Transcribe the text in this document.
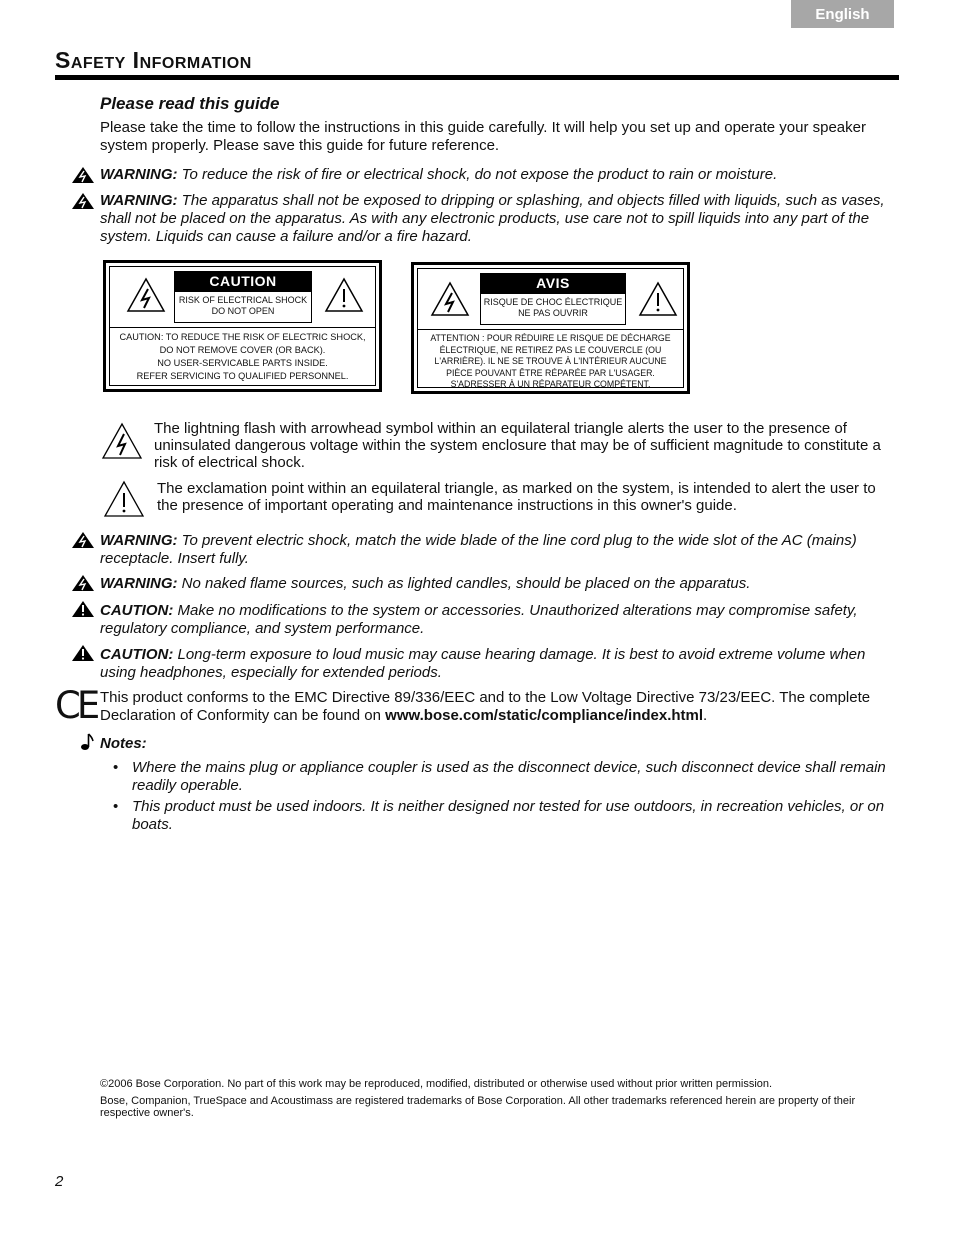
English
Safety Information
Please read this guide

Please take the time to follow the instructions in this guide carefully. It will help you set up and operate your speaker system properly. Please save this guide for future reference.

WARNING: To reduce the risk of fire or electrical shock, do not expose the product to rain or moisture.

WARNING: The apparatus shall not be exposed to dripping or splashing, and objects filled with liquids, such as vases, shall not be placed on the apparatus. As with any electronic products, use care not to spill liquids into any part of the system. Liquids can cause a failure and/or a fire hazard.

CAUTION
RISK OF ELECTRICAL SHOCK
DO NOT OPEN
CAUTION: TO REDUCE THE RISK OF ELECTRIC SHOCK,
DO NOT REMOVE COVER (OR BACK).
NO USER-SERVICABLE PARTS INSIDE.
REFER SERVICING TO QUALIFIED PERSONNEL.
AVIS
RISQUE DE CHOC ÉLECTRIQUE
NE PAS OUVRIR
ATTENTION : POUR RÉDUIRE LE RISQUE DE DÉCHARGE
ÉLECTRIQUE, NE RETIREZ PAS LE COUVERCLE (OU
L'ARRIÈRE). IL NE SE TROUVE À L'INTÉRIEUR AUCUNE
PIÈCE POUVANT ÊTRE RÉPARÉE PAR L'USAGER.
S'ADRESSER À UN RÉPARATEUR COMPÉTENT.

The lightning flash with arrowhead symbol within an equilateral triangle alerts the user to the presence of uninsulated dangerous voltage within the system enclosure that may be of sufficient magnitude to constitute a risk of electrical shock.

The exclamation point within an equilateral triangle, as marked on the system, is intended to alert the user to the presence of important operating and maintenance instructions in this owner's guide.

WARNING: To prevent electric shock, match the wide blade of the line cord plug to the wide slot of the AC (mains) receptacle. Insert fully.

WARNING: No naked flame sources, such as lighted candles, should be placed on the apparatus.

CAUTION: Make no modifications to the system or accessories. Unauthorized alterations may compromise safety, regulatory compliance, and system performance.

CAUTION: Long-term exposure to loud music may cause hearing damage. It is best to avoid extreme volume when using headphones, especially for extended periods.

CE This product conforms to the EMC Directive 89/336/EEC and to the Low Voltage Directive 73/23/EEC. The complete Declaration of Conformity can be found on www.bose.com/static/compliance/index.html.

Notes:

• Where the mains plug or appliance coupler is used as the disconnect device, such disconnect device shall remain readily operable.

• This product must be used indoors. It is neither designed nor tested for use outdoors, in recreation vehicles, or on boats.

©2006 Bose Corporation. No part of this work may be reproduced, modified, distributed or otherwise used without prior written permission.

Bose, Companion, TrueSpace and Acoustimass are registered trademarks of Bose Corporation. All other trademarks referenced herein are property of their respective owner's.

2
